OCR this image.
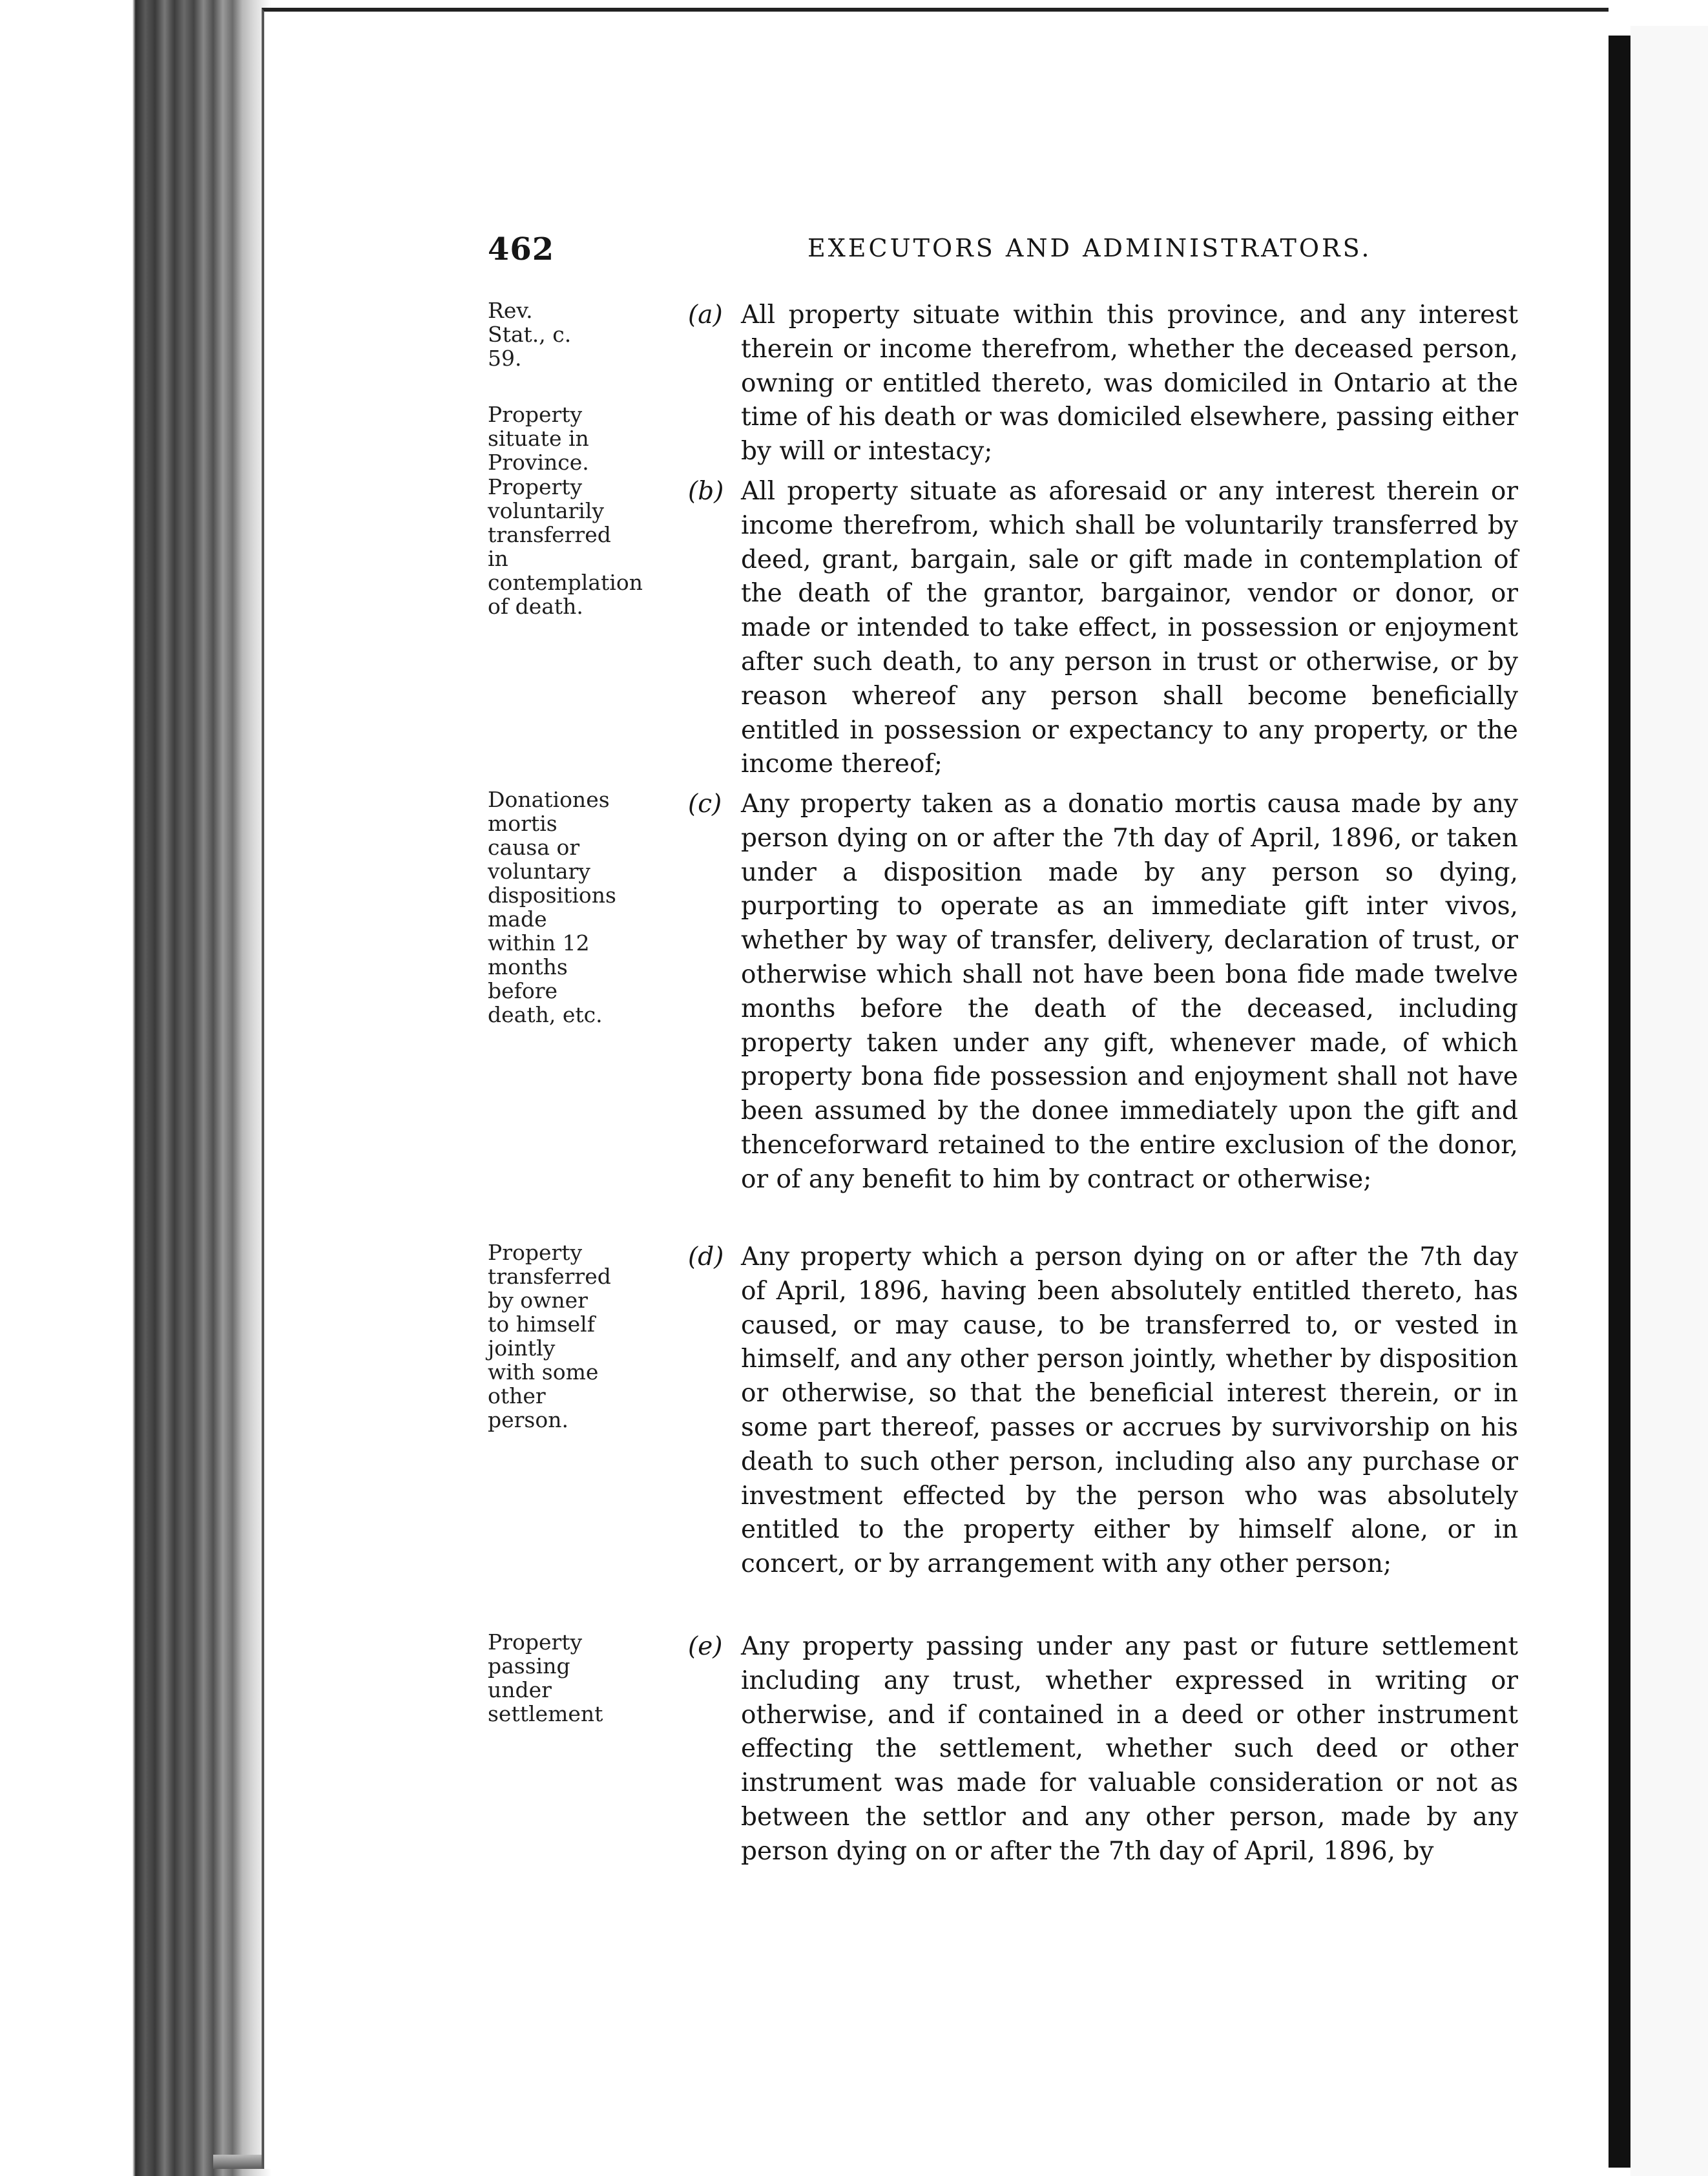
462	EXECUTORS AND ADMINISTRATORS.
Rev. Stat., c. 59.
Property situate in Province.
(a) All property situate within this province, and any interest therein or income therefrom, whether the deceased person, owning or entitled thereto, was domiciled in Ontario at the time of his death or was domiciled elsewhere, passing either by will or intestacy;
Property voluntarily transferred in contemplation of death.
(b) All property situate as aforesaid or any interest therein or income therefrom, which shall be voluntarily transferred by deed, grant, bargain, sale or gift made in contemplation of the death of the grantor, bargainor, vendor or donor, or made or intended to take effect, in possession or enjoyment after such death, to any person in trust or otherwise, or by reason whereof any person shall become beneficially entitled in possession or expectancy to any property, or the income thereof;
Donationes mortis causa or voluntary dispositions made within 12 months before death, etc.
(c) Any property taken as a donatio mortis causa made by any person dying on or after the 7th day of April, 1896, or taken under a disposition made by any person so dying, purporting to operate as an immediate gift inter vivos, whether by way of transfer, delivery, declaration of trust, or otherwise which shall not have been bona fide made twelve months before the death of the deceased, including property taken under any gift, whenever made, of which property bona fide possession and enjoyment shall not have been assumed by the donee immediately upon the gift and thenceforward retained to the entire exclusion of the donor, or of any benefit to him by contract or otherwise;
Property transferred by owner to himself jointly with some other person.
(d) Any property which a person dying on or after the 7th day of April, 1896, having been absolutely entitled thereto, has caused, or may cause, to be transferred to, or vested in himself, and any other person jointly, whether by disposition or otherwise, so that the beneficial interest therein, or in some part thereof, passes or accrues by survivorship on his death to such other person, including also any purchase or investment effected by the person who was absolutely entitled to the property either by himself alone, or in concert, or by arrangement with any other person;
Property passing under settlement
(e) Any property passing under any past or future settlement including any trust, whether expressed in writing or otherwise, and if contained in a deed or other instrument effecting the settlement, whether such deed or other instrument was made for valuable consideration or not as between the settlor and any other person, made by any person dying on or after the 7th day of April, 1896, by
